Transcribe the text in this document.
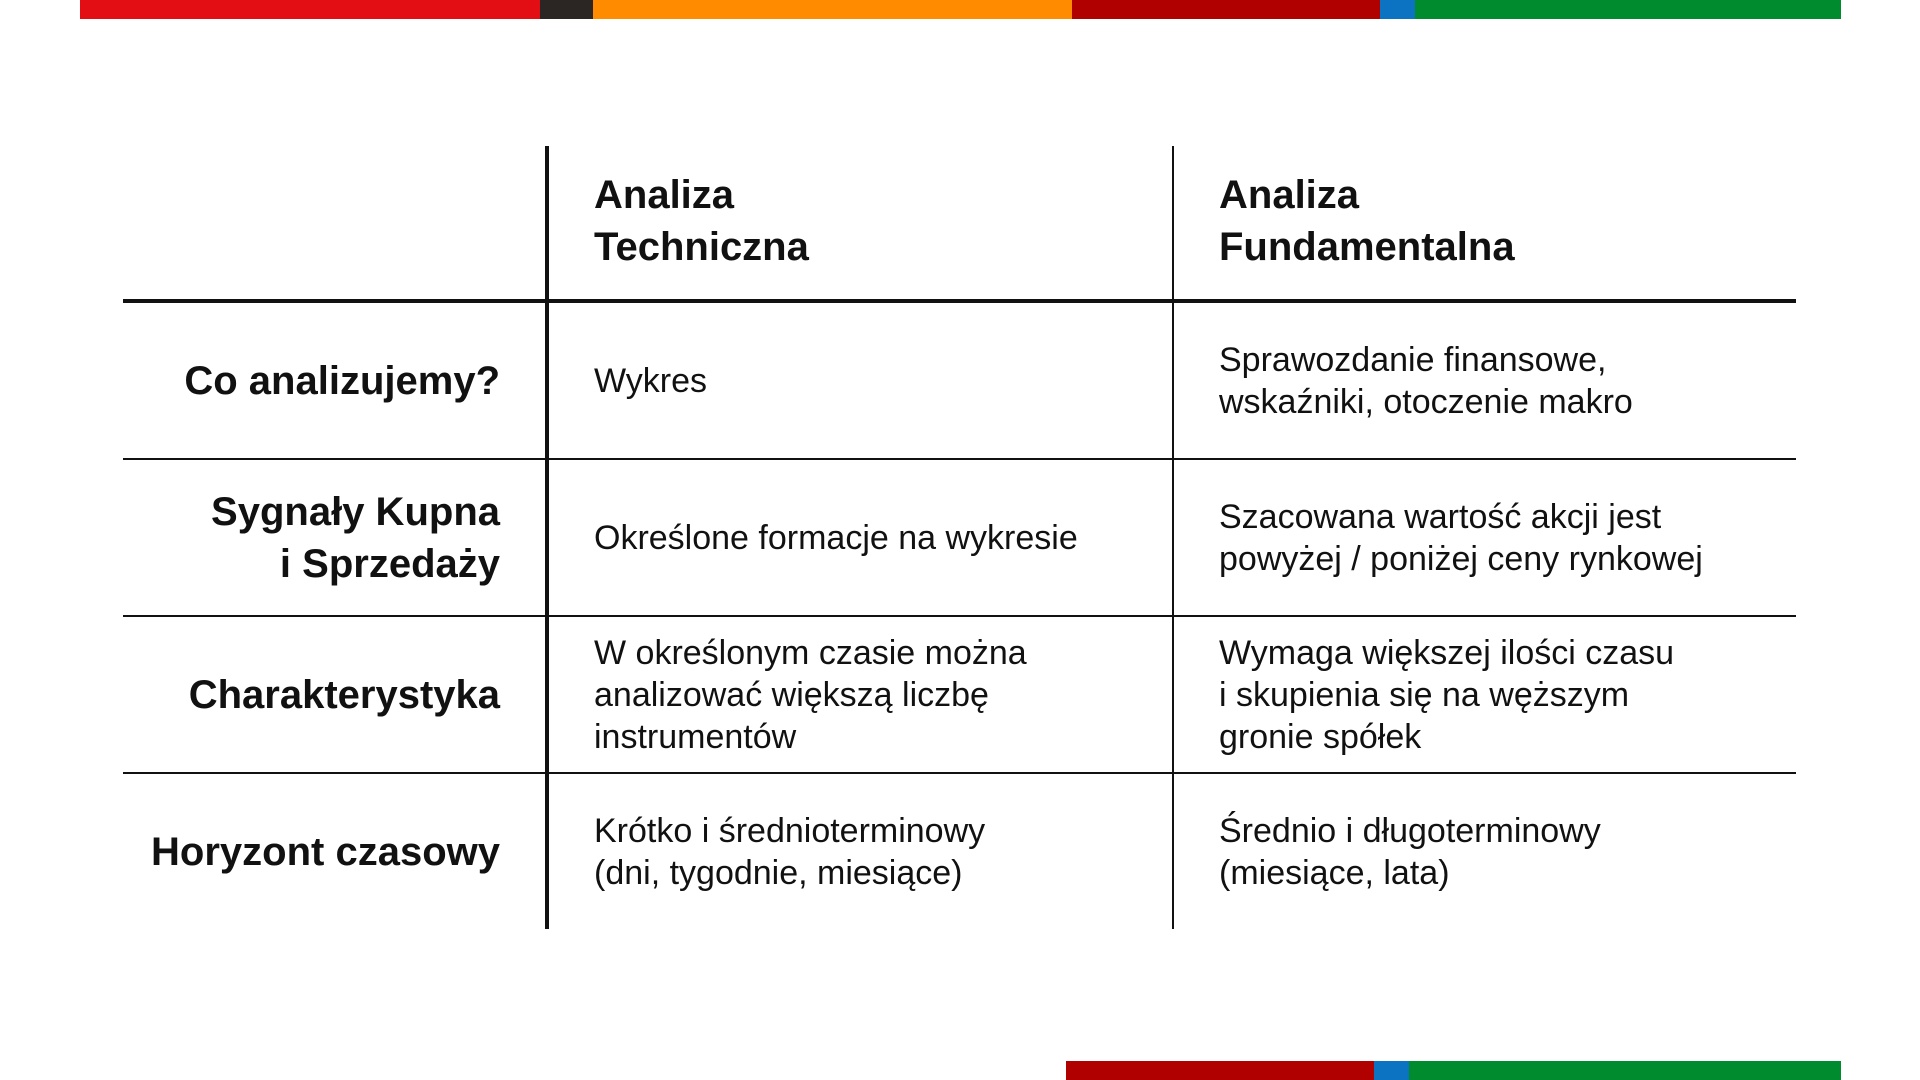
Analiza
Techniczna
Analiza
Fundamentalna
Co analizujemy?	Wykres
Sprawozdanie finansowe,
wskaźniki, otoczenie makro
Sygnały Kupna
i Sprzedaży
Określone formacje na wykresie
Szacowana wartość akcji jest
powyżej / poniżej ceny rynkowej
Charakterystyka
W określonym czasie można
analizować większą liczbę
instrumentów
Wymaga większej ilości czasu
i skupienia się na węższym
gronie spółek
Horyzont czasowy	Krótko i średnioterminowy
(dni, tygodnie, miesiące)
Średnio i długoterminowy
(miesiące, lata)
